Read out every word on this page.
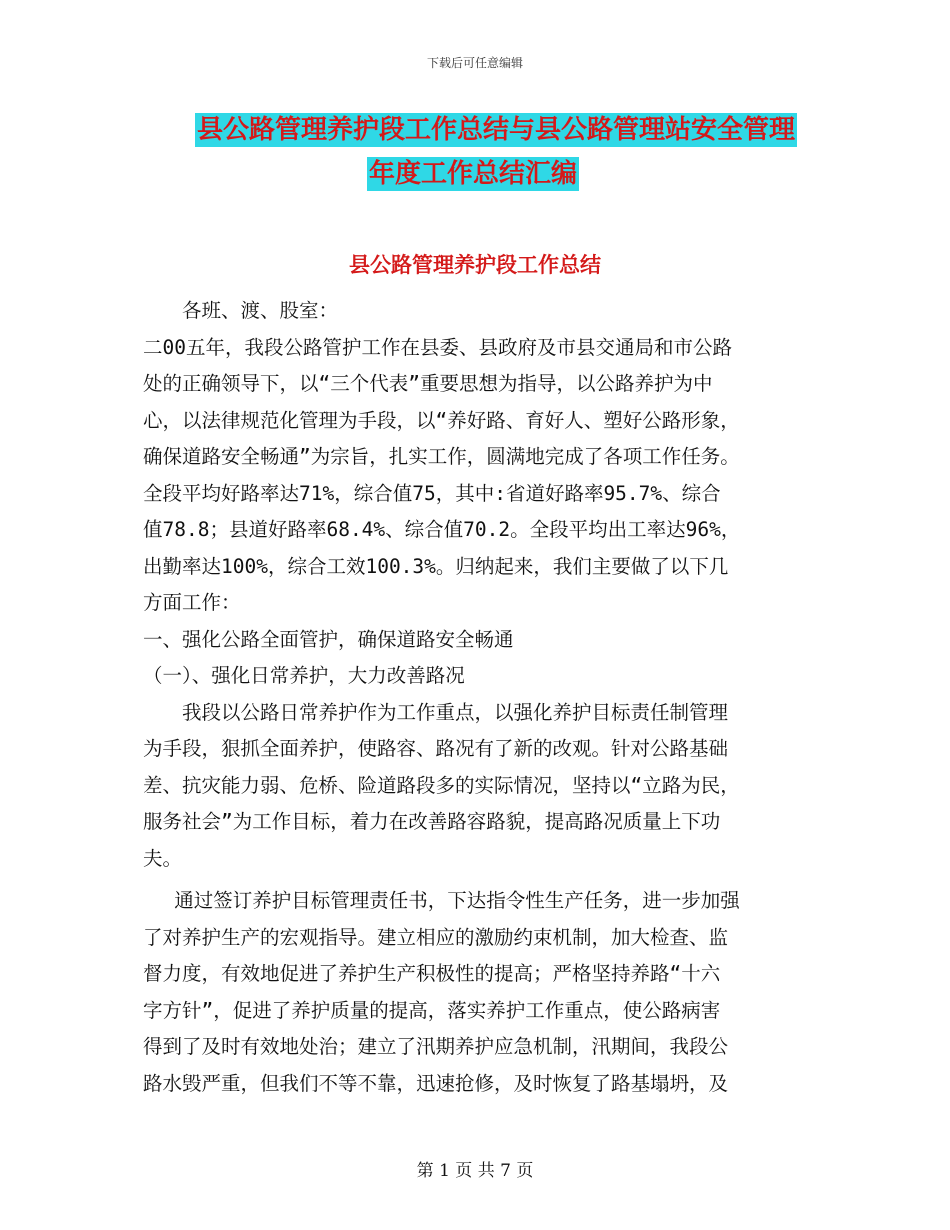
下载后可任意编辑
县公路管理养护段工作总结与县公路管理站安全管理
年度工作总结汇编
县公路管理养护段工作总结

　　各班、渡、股室：

二00五年，我段公路管护工作在县委、县政府及市县交通局和市公路

处的正确领导下，以“三个代表”重要思想为指导，以公路养护为中

心，以法律规范化管理为手段，以“养好路、育好人、塑好公路形象，

确保道路安全畅通”为宗旨，扎实工作，圆满地完成了各项工作任务。

全段平均好路率达71%，综合值75，其中:省道好路率95.7%、综合

值78.8；县道好路率68.4%、综合值70.2。全段平均出工率达96%，

出勤率达100%，综合工效100.3%。归纳起来，我们主要做了以下几

方面工作：

一、强化公路全面管护，确保道路安全畅通

（一）、强化日常养护，大力改善路况

　　我段以公路日常养护作为工作重点，以强化养护目标责任制管理

为手段，狠抓全面养护，使路容、路况有了新的改观。针对公路基础

差、抗灾能力弱、危桥、险道路段多的实际情况，坚持以“立路为民，

服务社会”为工作目标，着力在改善路容路貌，提高路况质量上下功

夫。

　 通过签订养护目标管理责任书，下达指令性生产任务，进一步加强

了对养护生产的宏观指导。建立相应的激励约束机制，加大检查、监

督力度，有效地促进了养护生产积极性的提高；严格坚持养路“十六

字方针”，促进了养护质量的提高，落实养护工作重点，使公路病害

得到了及时有效地处治；建立了汛期养护应急机制，汛期间，我段公

路水毁严重，但我们不等不靠，迅速抢修，及时恢复了路基塌坍，及

第 1 页 共 7 页
